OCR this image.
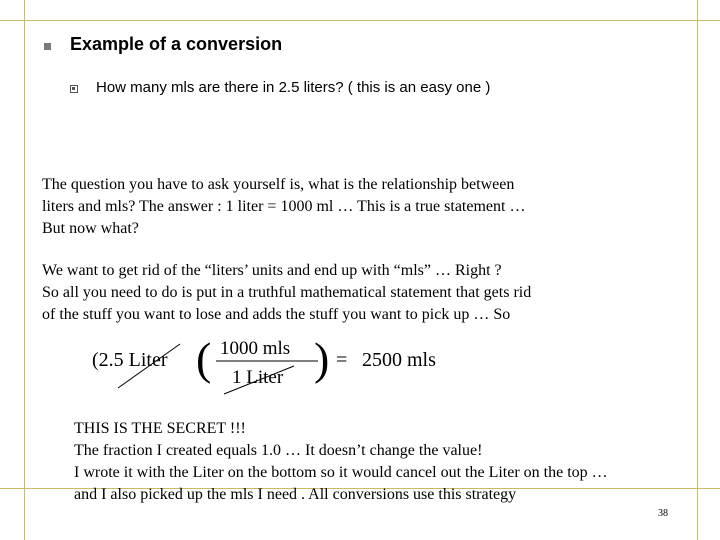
Example of a conversion
How many mls are there in 2.5 liters? ( this is an easy one )
The question you have to ask yourself is, what is the relationship between
liters and mls? The answer : 1 liter = 1000 ml … This is a true statement …
But now what?
We want to get rid of the “liters’ units and end up with “mls” … Right ?
So all you need to do is put in a truthful mathematical statement that gets rid
of the stuff you want to lose and adds the stuff you want to pick up … So
(2.5 Liter ( 1000 mls
1 Liter ) = 2500 mls
THIS IS THE SECRET !!!
The fraction I created equals 1.0 … It doesn’t change the value!
I wrote it with the Liter on the bottom so it would cancel out the Liter on the top …
and I also picked up the mls I need . All conversions use this strategy
38
